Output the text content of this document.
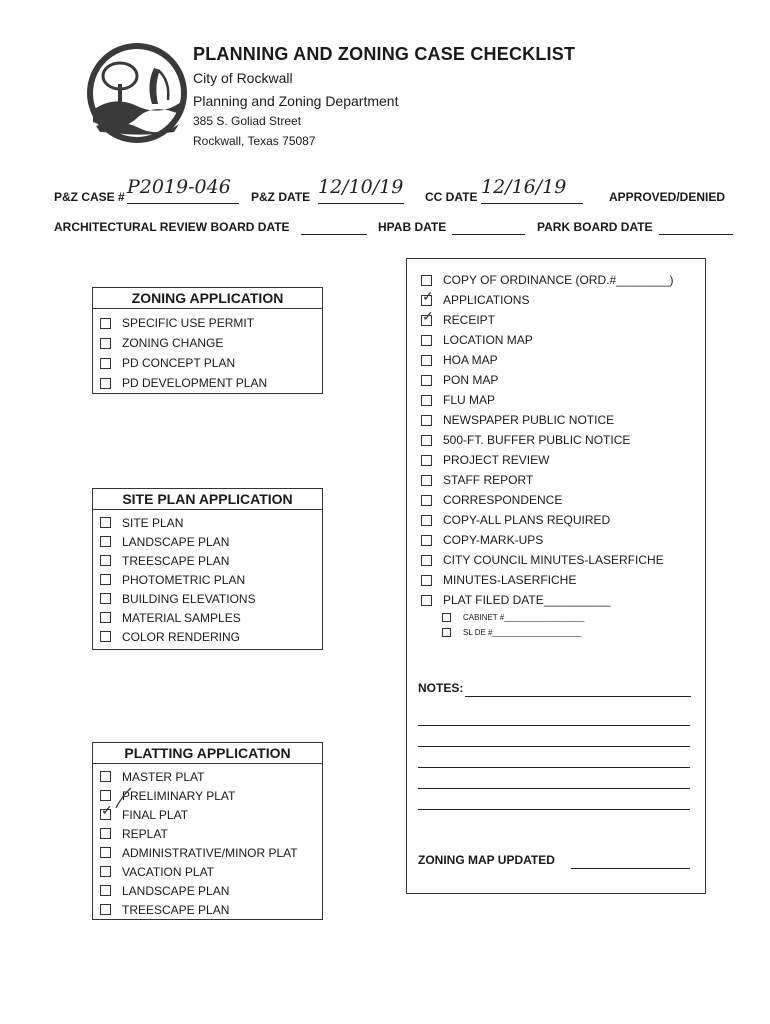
PLANNING AND ZONING CASE CHECKLIST
City of Rockwall
Planning and Zoning Department
385 S. Goliad Street
Rockwall, Texas 75087
P&Z CASE # P2019-046	P&Z DATE 12/10/19 CC DATE 12/16/19	APPROVED/DENIED
ARCHITECTURAL REVIEW BOARD DATE	HPAB DATE	PARK BOARD DATE
ZONING APPLICATION
SPECIFIC USE PERMIT
ZONING CHANGE
PD CONCEPT PLAN
PD DEVELOPMENT PLAN
SITE PLAN APPLICATION
SITE PLAN
LANDSCAPE PLAN
TREESCAPE PLAN
PHOTOMETRIC PLAN
BUILDING ELEVATIONS
MATERIAL SAMPLES
COLOR RENDERING
PLATTING APPLICATION
MASTER PLAT
PRELIMINARY PLAT
✓
FINAL PLAT
REPLAT
ADMINISTRATIVE/MINOR PLAT
VACATION PLAT
LANDSCAPE PLAN
TREESCAPE PLAN
COPY OF ORDINANCE (ORD.#________)
✓
APPLICATIONS
✓
RECEIPT
LOCATION MAP
HOA MAP
PON MAP
FLU MAP
NEWSPAPER PUBLIC NOTICE
500-FT. BUFFER PUBLIC NOTICE
PROJECT REVIEW
STAFF REPORT
CORRESPONDENCE
COPY-ALL PLANS REQUIRED
COPY-MARK-UPS
CITY COUNCIL MINUTES-LASERFICHE
MINUTES-LASERFICHE
PLAT FILED DATE__________
CABINET #__________________
SL DE #____________________
NOTES:
ZONING MAP UPDATED
